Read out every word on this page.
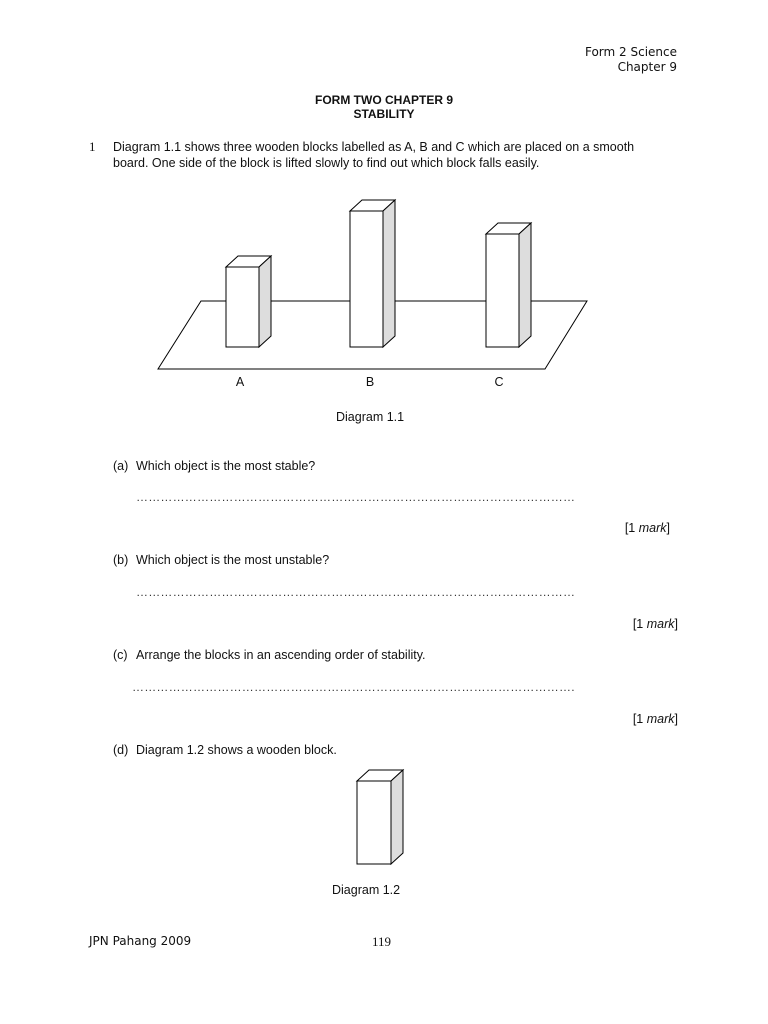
Form 2 Science
Chapter 9
FORM TWO CHAPTER 9
STABILITY
1 Diagram 1.1 shows three wooden blocks labelled as A, B and C which are placed on a smooth board. One side of the block is lifted slowly to find out which block falls easily.
A	B	C
Diagram 1.1
(a) Which object is the most stable?
………………………………………………………………………………………………
[1 mark]
(b) Which object is the most unstable?
………………………………………………………………………………………………
[1 mark]
(c) Arrange the blocks in an ascending order of stability.
……………………………………………………………………………………………….
[1 mark]
(d) Diagram 1.2 shows a wooden block.
Diagram 1.2
JPN Pahang 2009	119
